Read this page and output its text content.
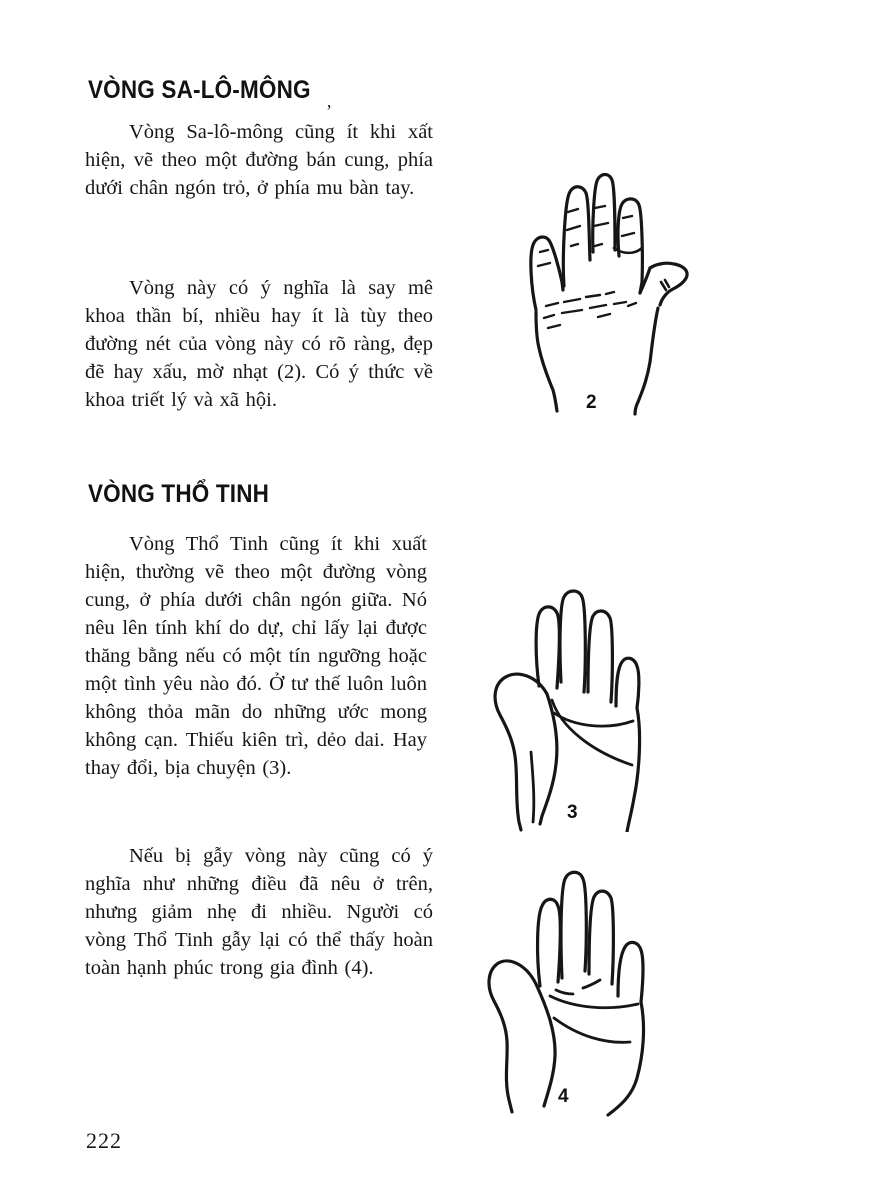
’
VÒNG SA-LÔ-MÔNG

Vòng Sa-lô-mông cũng ít khi xất hiện, vẽ theo một đường bán cung, phía dưới chân ngón trỏ, ở phía mu bàn tay.

Vòng này có ý nghĩa là say mê khoa thần bí, nhiều hay ít là tùy theo đường nét của vòng này có rõ ràng, đẹp đẽ hay xấu, mờ nhạt (2). Có ý thức về khoa triết lý và xã hội.	2

VÒNG THỔ TINH

Vòng Thổ Tinh cũng ít khi xuất hiện, thường vẽ theo một đường vòng cung, ở phía dưới chân ngón giữa. Nó nêu lên tính khí do dự, chỉ lấy lại được thăng bằng nếu có một tín ngưỡng hoặc một tình yêu nào đó. Ở tư thế luôn luôn không thỏa mãn do những ước mong không cạn. Thiếu kiên trì, dẻo dai. Hay thay đổi, bịa chuyện (3).

3

Nếu bị gẫy vòng này cũng có ý nghĩa như những điều đã nêu ở trên, nhưng giảm nhẹ đi nhiều. Người có vòng Thổ Tinh gẫy lại có thể thấy hoàn toàn hạnh phúc trong gia đình (4).

4

222
